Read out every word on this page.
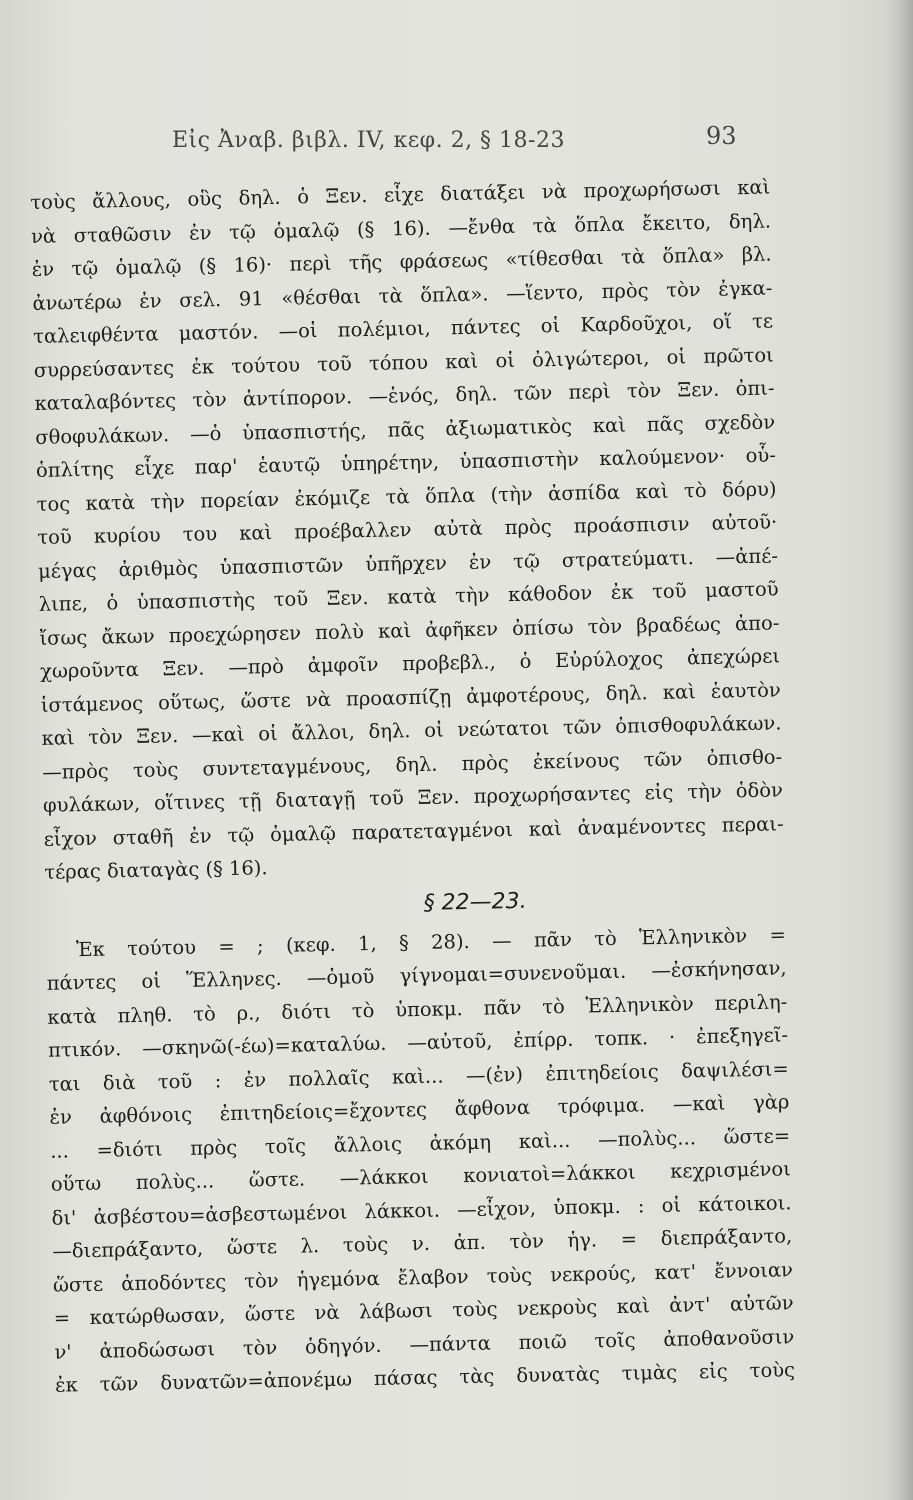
Εἰς Ἀναβ. βιβλ. IV, κεφ. 2, § 18-23	93
τοὺς ἄλλους, οὓς δηλ. ὁ Ξεν. εἶχε διατάξει νὰ προχωρήσωσι καὶ
νὰ σταθῶσιν ἐν τῷ ὁμαλῷ (§ 16). —ἔνθα τὰ ὅπλα ἔκειτο, δηλ.
ἐν τῷ ὁμαλῷ (§ 16)· περὶ τῆς φράσεως «τίθεσθαι τὰ ὅπλα» βλ.
ἀνωτέρω ἐν σελ. 91 «θέσθαι τὰ ὅπλα». —ἵεντο, πρὸς τὸν ἐγκα-
ταλειφθέντα μαστόν. —οἱ πολέμιοι, πάντες οἱ Καρδοῦχοι, οἵ τε
συρρεύσαντες ἐκ τούτου τοῦ τόπου καὶ οἱ ὀλιγώτεροι, οἱ πρῶτοι
καταλαβόντες τὸν ἀντίπορον. —ἑνός, δηλ. τῶν περὶ τὸν Ξεν. ὀπι-
σθοφυλάκων. —ὁ ὑπασπιστής, πᾶς ἀξιωματικὸς καὶ πᾶς σχεδὸν
ὁπλίτης εἶχε παρ' ἑαυτῷ ὑπηρέτην, ὑπασπιστὴν καλούμενον· οὗ-
τος κατὰ τὴν πορείαν ἐκόμιζε τὰ ὅπλα (τὴν ἀσπίδα καὶ τὸ δόρυ)
τοῦ κυρίου του καὶ προέβαλλεν αὐτὰ πρὸς προάσπισιν αὐτοῦ·
μέγας ἀριθμὸς ὑπασπιστῶν ὑπῆρχεν ἐν τῷ στρατεύματι. —ἀπέ-
λιπε, ὁ ὑπασπιστὴς τοῦ Ξεν. κατὰ τὴν κάθοδον ἐκ τοῦ μαστοῦ
ἴσως ἄκων προεχώρησεν πολὺ καὶ ἀφῆκεν ὀπίσω τὸν βραδέως ἀπο-
χωροῦντα Ξεν. —πρὸ ἀμφοῖν προβεβλ., ὁ Εὐρύλοχος ἀπεχώρει
ἱστάμενος οὕτως, ὥστε νὰ προασπίζῃ ἀμφοτέρους, δηλ. καὶ ἑαυτὸν
καὶ τὸν Ξεν. —καὶ οἱ ἄλλοι, δηλ. οἱ νεώτατοι τῶν ὀπισθοφυλάκων.
—πρὸς τοὺς συντεταγμένους, δηλ. πρὸς ἐκείνους τῶν ὀπισθο-
φυλάκων, οἵτινες τῇ διαταγῇ τοῦ Ξεν. προχωρήσαντες εἰς τὴν ὁδὸν
εἶχον σταθῆ ἐν τῷ ὁμαλῷ παρατεταγμένοι καὶ ἀναμένοντες περαι-
τέρας διαταγὰς (§ 16).
§ 22—23.
Ἐκ τούτου = ; (κεφ. 1, § 28). — πᾶν τὸ Ἑλληνικὸν =
πάντες οἱ Ἕλληνες. —ὁμοῦ γίγνομαι=συνενοῦμαι. —ἐσκήνησαν,
κατὰ πληθ. τὸ ρ., διότι τὸ ὑποκμ. πᾶν τὸ Ἑλληνικὸν περιλη-
πτικόν. —σκηνῶ(-έω)=καταλύω. —αὐτοῦ, ἐπίρρ. τοπκ. · ἐπεξηγεῖ-
ται διὰ τοῦ : ἐν πολλαῖς καὶ... —(ἐν) ἐπιτηδείοις δαψιλέσι=
ἐν ἀφθόνοις ἐπιτηδείοις=ἔχοντες ἄφθονα τρόφιμα. —καὶ γὰρ
... =διότι πρὸς τοῖς ἄλλοις ἀκόμη καὶ... —πολὺς... ὥστε=
οὕτω πολὺς... ὥστε. —λάκκοι κονιατοὶ=λάκκοι κεχρισμένοι
δι' ἀσβέστου=ἀσβεστωμένοι λάκκοι. —εἶχον, ὑποκμ. : οἱ κάτοικοι.
—διεπράξαντο, ὥστε λ. τοὺς ν. ἀπ. τὸν ἡγ. = διεπράξαντο,
ὥστε ἀποδόντες τὸν ἡγεμόνα ἔλαβον τοὺς νεκρούς, κατ' ἔννοιαν
= κατώρθωσαν, ὥστε νὰ λάβωσι τοὺς νεκροὺς καὶ ἀντ' αὐτῶν
ν' ἀποδώσωσι τὸν ὁδηγόν. —πάντα ποιῶ τοῖς ἀποθανοῦσιν
ἐκ τῶν δυνατῶν=ἀπονέμω πάσας τὰς δυνατὰς τιμὰς εἰς τοὺς
